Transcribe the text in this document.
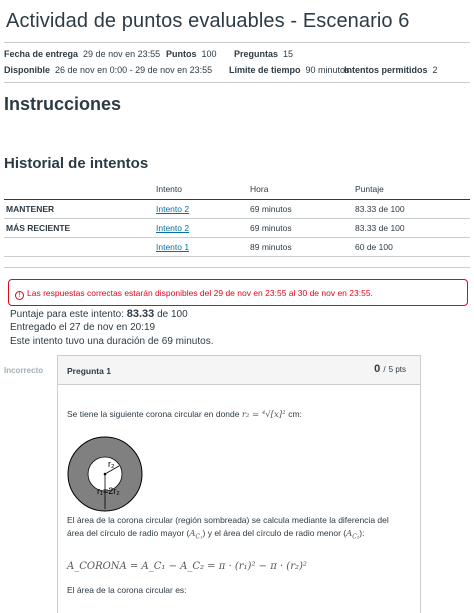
Actividad de puntos evaluables - Escenario 6
Fecha de entrega 29 de nov en 23:55 Puntos 100 Preguntas 15
Disponible 26 de nov en 0:00 - 29 de nov en 23:55 Límite de tiempo 90 minutos
Intentos permitidos 2
Instrucciones
Historial de intentos
	Intento	Hora	Puntaje
MANTENER	Intento 2	69 minutos	83.33 de 100
MÁS RECIENTE	Intento 2	69 minutos	83.33 de 100
	Intento 1	89 minutos	60 de 100
! Las respuestas correctas estarán disponibles del 29 de nov en 23:55 al 30 de nov en 23:55.
Puntaje para este intento: 83.33 de 100
Entregado el 27 de nov en 20:19
Este intento tuvo una duración de 69 minutos.
Incorrecto	Pregunta 1	0 / 5 pts
Se tiene la siguiente corona circular en donde r₂ = ⁴√[x]² cm:
r₂
r₁=2r₂
El área de la corona circular (región sombreada) se calcula mediante la diferencia del área del círculo de radio mayor $(A_{C_1})$ y el área del círculo de radio menor $(A_{C_2})$:
A_CORONA = A_C₁ − A_C₂ = π · (r₁)² − π · (r₂)²
El área de la corona circular es:
